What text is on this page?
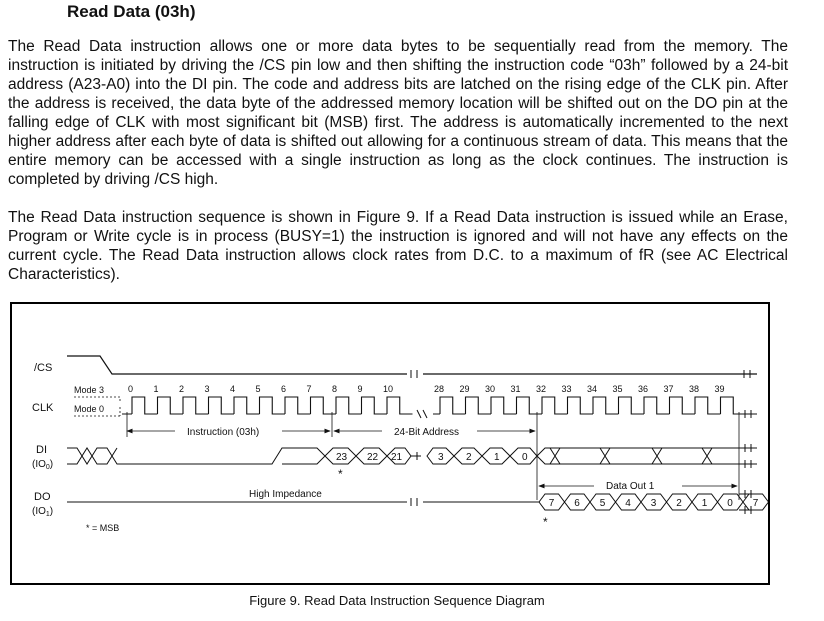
Read Data (03h)

The Read Data instruction allows one or more data bytes to be sequentially read from the memory. The instruction is initiated by driving the /CS pin low and then shifting the instruction code “03h” followed by a 24-bit address (A23-A0) into the DI pin. The code and address bits are latched on the rising edge of the CLK pin. After the address is received, the data byte of the addressed memory location will be shifted out on the DO pin at the falling edge of CLK with most significant bit (MSB) first. The address is automatically incremented to the next higher address after each byte of data is shifted out allowing for a continuous stream of data. This means that the entire memory can be accessed with a single instruction as long as the clock continues. The instruction is completed by driving /CS high.

The Read Data instruction sequence is shown in Figure 9. If a Read Data instruction is issued while an Erase, Program or Write cycle is in process (BUSY=1) the instruction is ignored and will not have any effects on the current cycle. The Read Data instruction allows clock rates from D.C. to a maximum of fR (see AC Electrical Characteristics).

/CS
CLK
DI
$(IO_0)$
DO
$(IO_1)$
Mode 3
Mode 0
0 1 2 3 4 5 6 7 8 9 10	28 29 30 31 32 33 34 35 36 37 38 39
Instruction (03h)	24-Bit Address
23 22 21	3 2 1 0
*
Data Out 1
High Impedance
7 6 5 4 3 2 1 0 7
*
* = MSB
Figure 9. Read Data Instruction Sequence Diagram
